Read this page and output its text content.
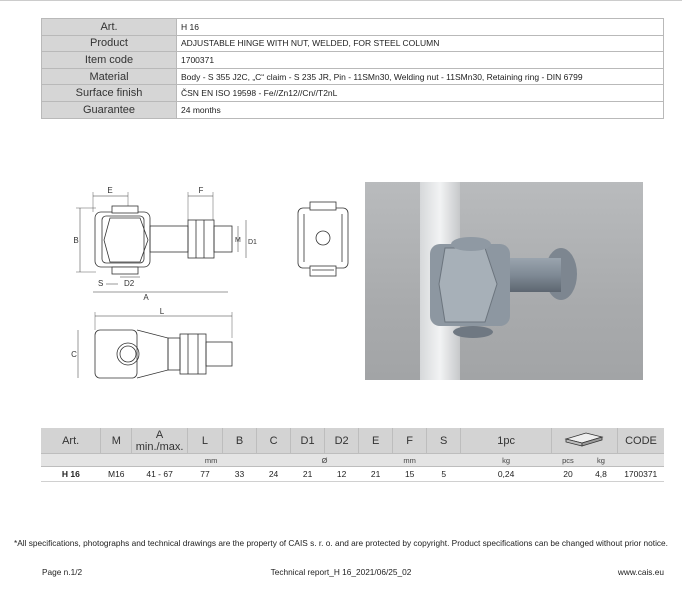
Art.	H 16
Product	ADJUSTABLE HINGE WITH NUT, WELDED, FOR STEEL COLUMN
Item code	1700371
Material	Body - S 355 J2C, „C“ claim - S 235 JR, Pin - 11SMn30, Welding nut - 11SMn30, Retaining ring - DIN 6799
Surface finish	ČSN EN ISO 19598 - Fe//Zn12//Cn//T2nL
Guarantee	24 months
E	F
B	M D1
S	D2
A
L
C
Art.	M	A min./max.	L	B	C	D1	D2	E	F	S	1pc			CODE
		mm				Ø		mm			kg	pcs	kg	
H 16	M16	41 - 67	77	33	24	21	12	21	15	5	0,24	20	4,8	1700371
*All specifications, photographs and technical drawings are the property of CAIS s. r. o. and are protected by copyright. Product specifications can be changed without prior notice.
Page n.1/2	Technical report_H 16_2021/06/25_02	www.cais.eu
